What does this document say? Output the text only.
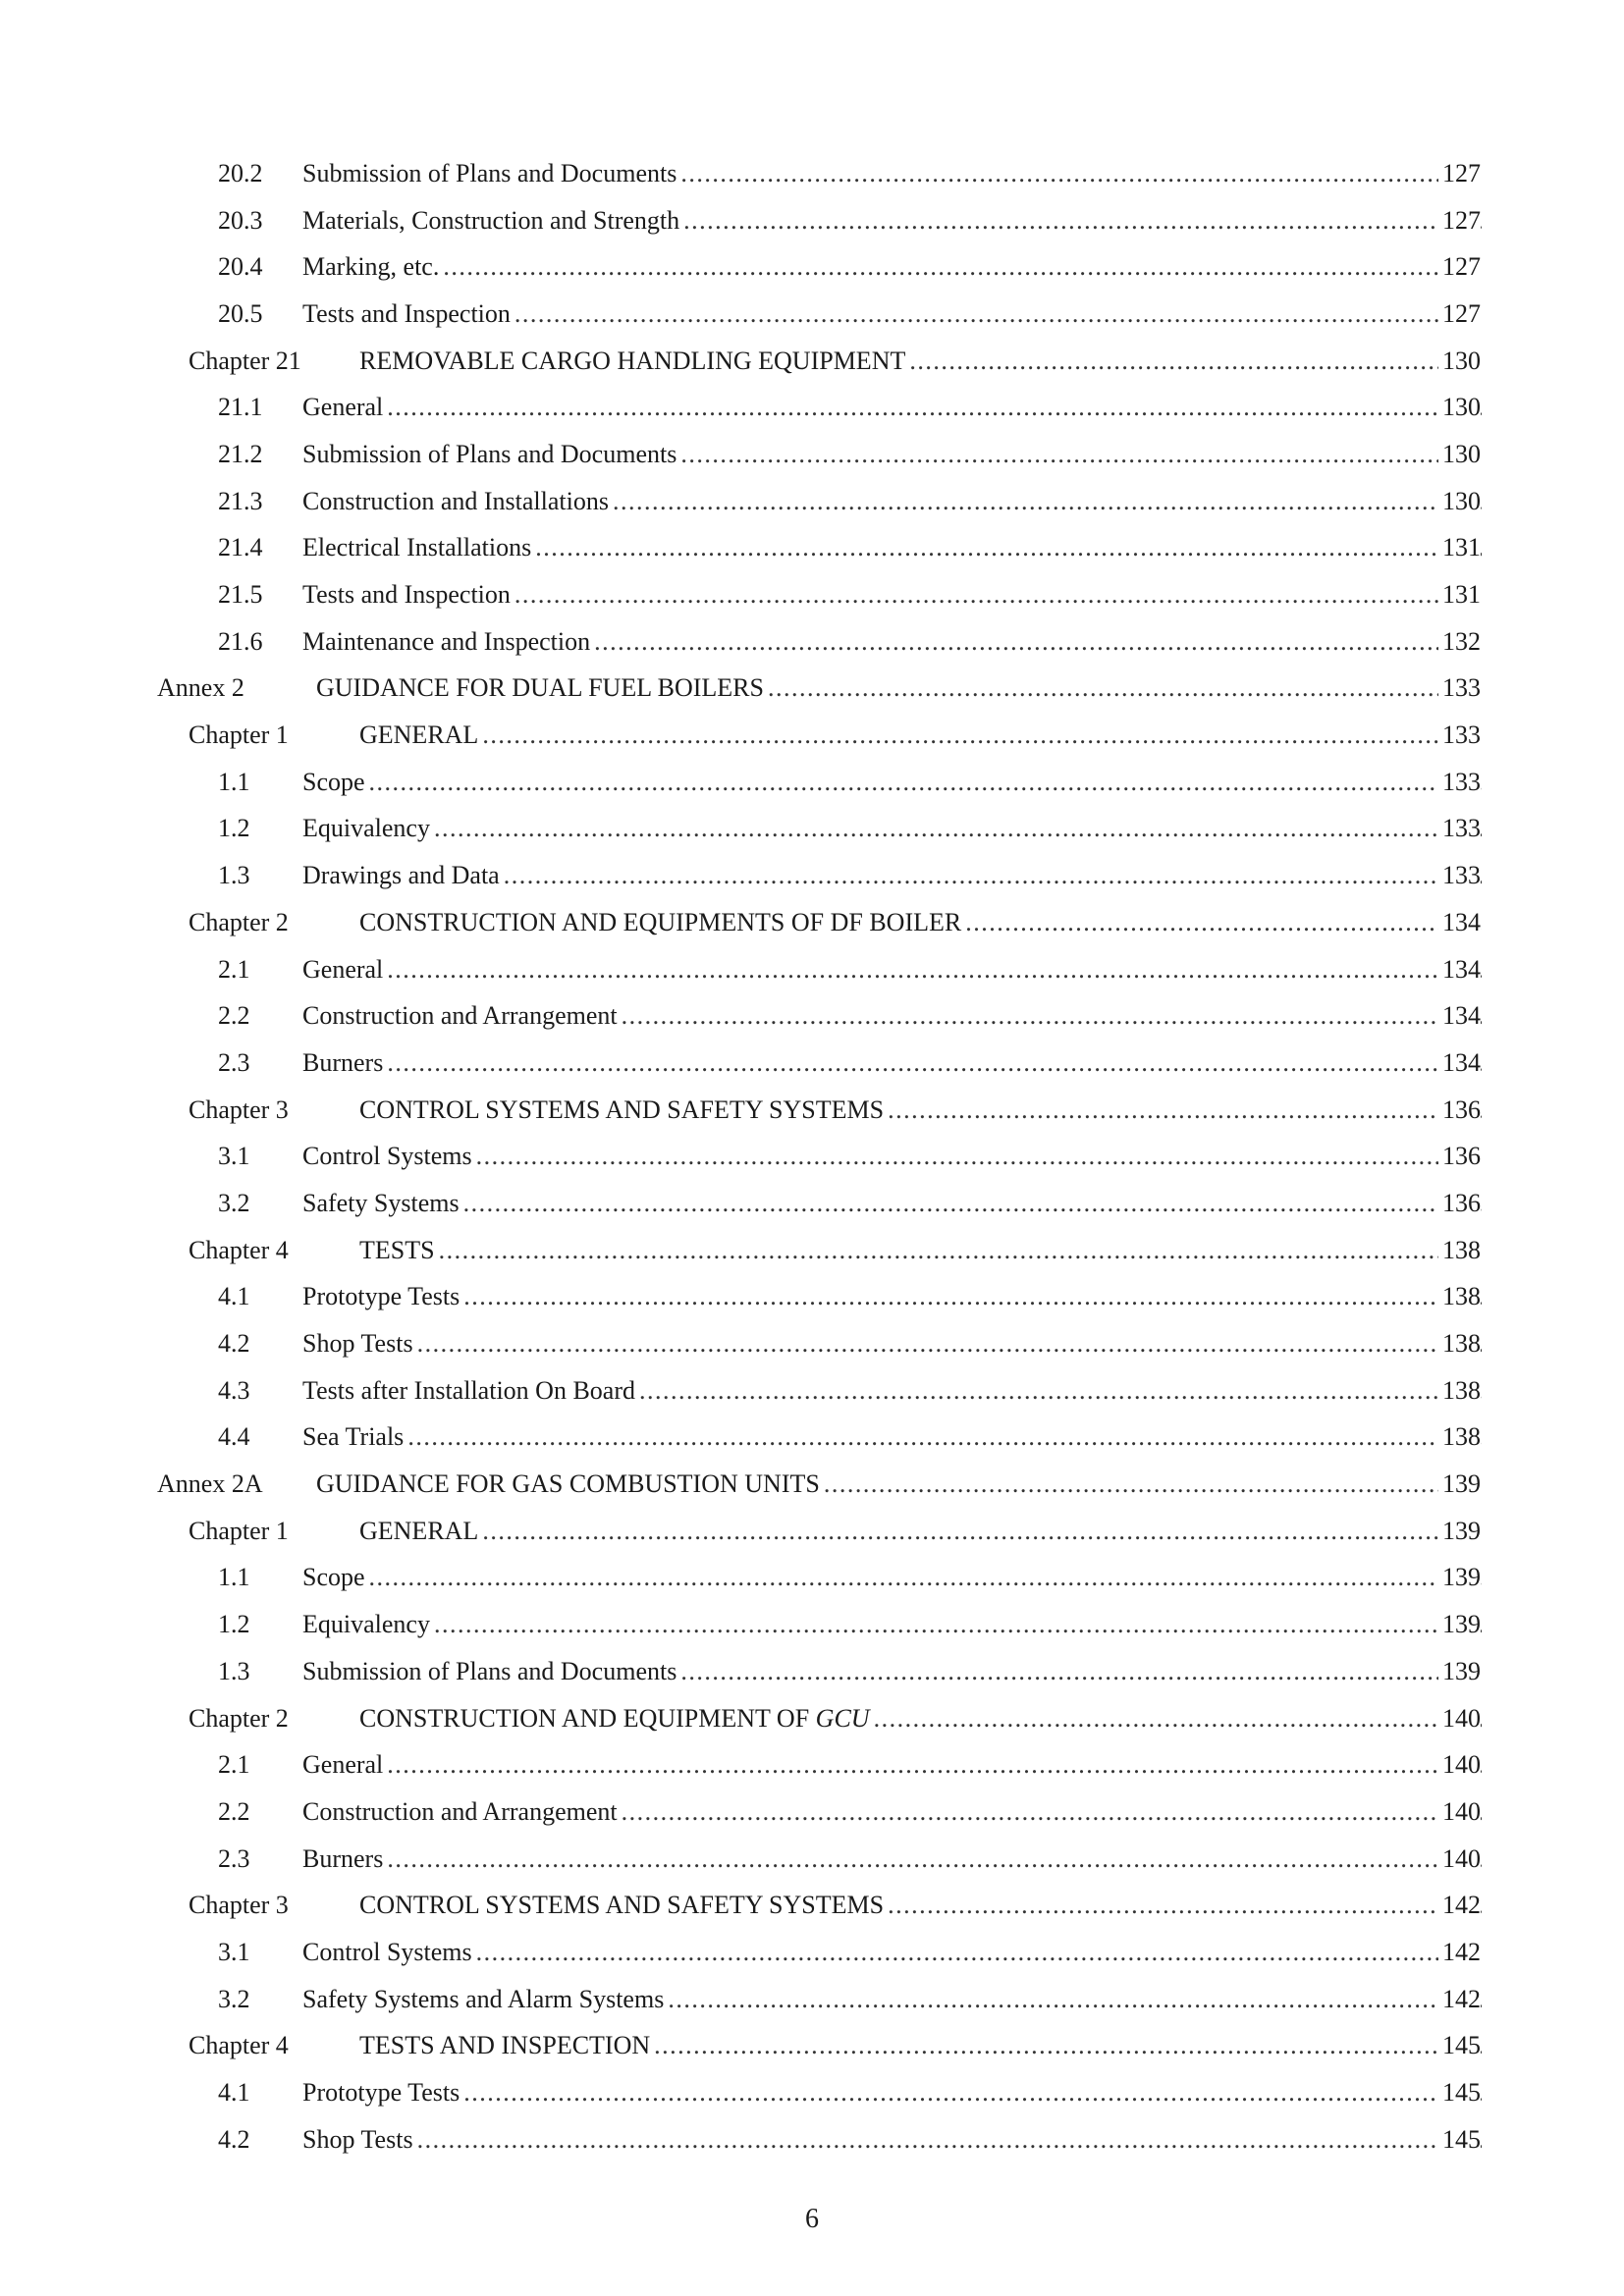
20.2 Submission of Plans and Documents .....	127
20.3 Materials, Construction and Strength .....	127
20.4 Marking, etc. .....	127
20.5 Tests and Inspection .....	127
Chapter 21 REMOVABLE CARGO HANDLING EQUIPMENT .....	130
21.1 General .....	130
21.2 Submission of Plans and Documents .....	130
21.3 Construction and Installations .....	130
21.4 Electrical Installations .....	131
21.5 Tests and Inspection .....	131
21.6 Maintenance and Inspection .....	132
Annex 2	GUIDANCE FOR DUAL FUEL BOILERS .....	133
Chapter 1	GENERAL .....	133
1.1 Scope .....	133
1.2 Equivalency .....	133
1.3 Drawings and Data .....	133
Chapter 2	CONSTRUCTION AND EQUIPMENTS OF DF BOILER .....	134
2.1 General .....	134
2.2 Construction and Arrangement .....	134
2.3 Burners .....	134
Chapter 3	CONTROL SYSTEMS AND SAFETY SYSTEMS .....	136
3.1 Control Systems .....	136
3.2 Safety Systems .....	136
Chapter 4	TESTS .....	138
4.1 Prototype Tests .....	138
4.2 Shop Tests .....	138
4.3 Tests after Installation On Board .....	138
4.4 Sea Trials .....	138
Annex 2A GUIDANCE FOR GAS COMBUSTION UNITS .....	139
Chapter 1	GENERAL .....	139
1.1 Scope .....	139
1.2 Equivalency .....	139
1.3 Submission of Plans and Documents .....	139
Chapter 2	CONSTRUCTION AND EQUIPMENT OF GCU .....	140
2.1 General .....	140
2.2 Construction and Arrangement .....	140
2.3 Burners .....	140
Chapter 3	CONTROL SYSTEMS AND SAFETY SYSTEMS .....	142
3.1 Control Systems .....	142
3.2 Safety Systems and Alarm Systems .....	142
Chapter 4	TESTS AND INSPECTION .....	145
4.1 Prototype Tests .....	145
4.2 Shop Tests .....	145
6
